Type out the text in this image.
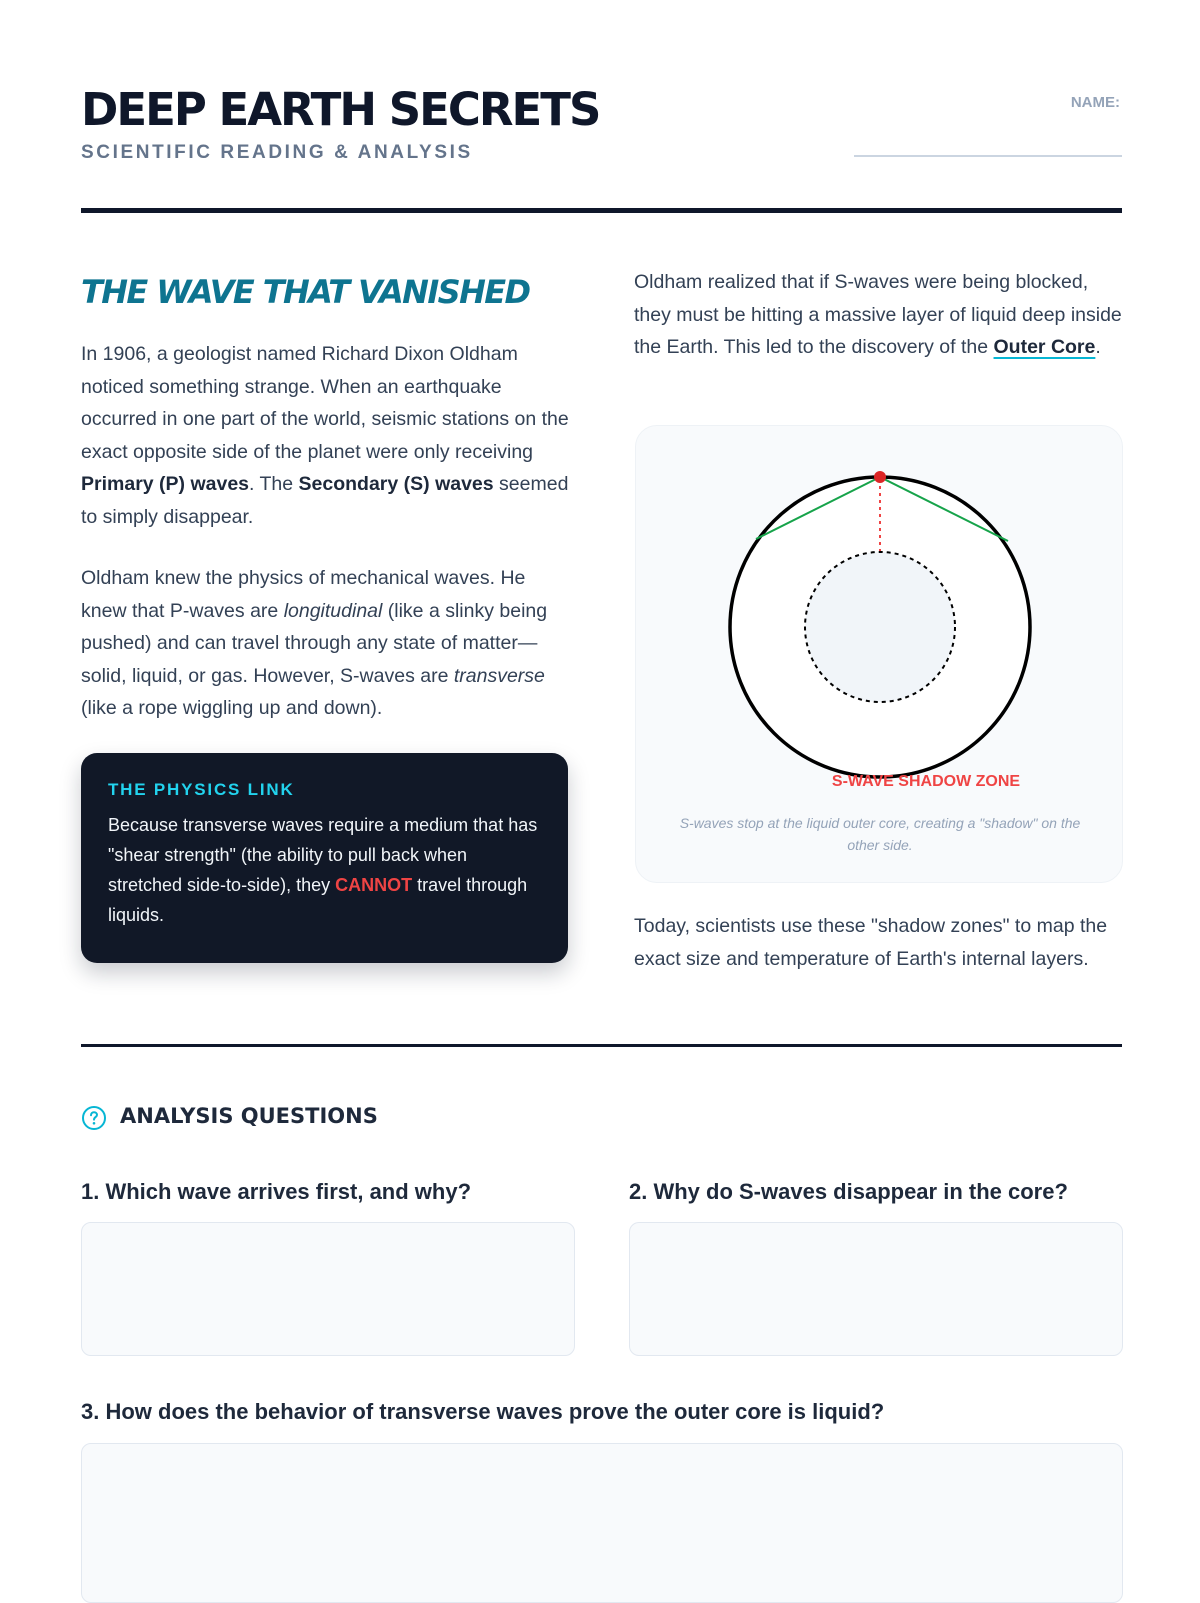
DEEP EARTH SECRETS
SCIENTIFIC READING & ANALYSIS
NAME:
THE WAVE THAT VANISHED

In 1906, a geologist named Richard Dixon Oldham noticed something strange. When an earthquake occurred in one part of the world, seismic stations on the exact opposite side of the planet were only receiving Primary (P) waves. The Secondary (S) waves seemed to simply disappear.

Oldham knew the physics of mechanical waves. He knew that P-waves are longitudinal (like a slinky being pushed) and can travel through any state of matter—solid, liquid, or gas. However, S-waves are transverse (like a rope wiggling up and down).

THE PHYSICS LINK
Because transverse waves require a medium that has "shear strength" (the ability to pull back when stretched side-to-side), they CANNOT travel through liquids.

Oldham realized that if S-waves were being blocked, they must be hitting a massive layer of liquid deep inside the Earth. This led to the discovery of the Outer Core.

S-WAVE SHADOW ZONE
S-waves stop at the liquid outer core, creating a "shadow" on the other side.

Today, scientists use these "shadow zones" to map the exact size and temperature of Earth's internal layers.

ANALYSIS QUESTIONS
1. Which wave arrives first, and why?	2. Why do S-waves disappear in the core?
3. How does the behavior of transverse waves prove the outer core is liquid?
